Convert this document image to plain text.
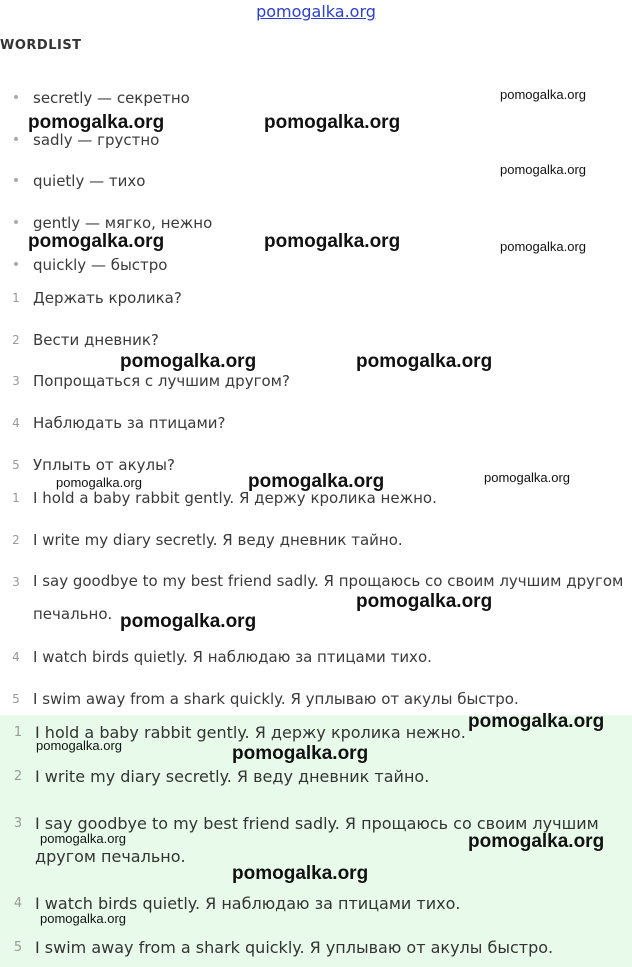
pomogalka.org
WORDLIST
• secretly — секретно
• sadly — грустно
• quietly — тихо
• gently — мягко, нежно
• quickly — быстро
1 Держать кролика?
2 Вести дневник?
3 Попрощаться с лучшим другом?
4 Наблюдать за птицами?
5 Уплыть от акулы?
1 I hold a baby rabbit gently. Я держу кролика нежно.
2 I write my diary secretly. Я веду дневник тайно.
3 I say goodbye to my best friend sadly. Я прощаюсь со своим лучшим другом печально.
4 I watch birds quietly. Я наблюдаю за птицами тихо.
5 I swim away from a shark quickly. Я уплываю от акулы быстро.
1 I hold a baby rabbit gently. Я держу кролика нежно.
2 I write my diary secretly. Я веду дневник тайно.
3 I say goodbye to my best friend sadly. Я прощаюсь со своим лучшим другом печально.
4 I watch birds quietly. Я наблюдаю за птицами тихо.
5 I swim away from a shark quickly. Я уплываю от акулы быстро.
pomogalka.org
pomogalka.org	pomogalka.org
pomogalka.org
pomogalka.org	pomogalka.org	pomogalka.org
pomogalka.org	pomogalka.org
pomogalka.org
pomogalka.org	pomogalka.org
pomogalka.org
pomogalka.org
pomogalka.org
pomogalka.org	pomogalka.org
pomogalka.org	pomogalka.org
pomogalka.org
pomogalka.org
